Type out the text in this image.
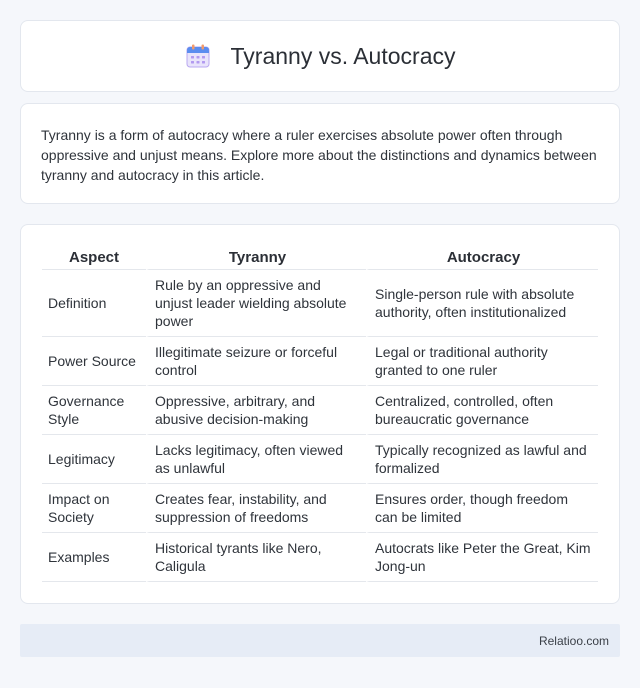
Tyranny vs. Autocracy

Tyranny is a form of autocracy where a ruler exercises absolute power often through oppressive and unjust means. Explore more about the distinctions and dynamics between tyranny and autocracy in this article.

Aspect	Tyranny	Autocracy
Definition	Rule by an oppressive and unjust leader wielding absolute power	Single-person rule with absolute authority, often institutionalized
Power Source	Illegitimate seizure or forceful control	Legal or traditional authority granted to one ruler
Governance Style	Oppressive, arbitrary, and abusive decision-making	Centralized, controlled, often bureaucratic governance
Legitimacy	Lacks legitimacy, often viewed as unlawful	Typically recognized as lawful and formalized
Impact on Society	Creates fear, instability, and suppression of freedoms	Ensures order, though freedom can be limited
Examples	Historical tyrants like Nero, Caligula	Autocrats like Peter the Great, Kim Jong-un
Relatioo.com
